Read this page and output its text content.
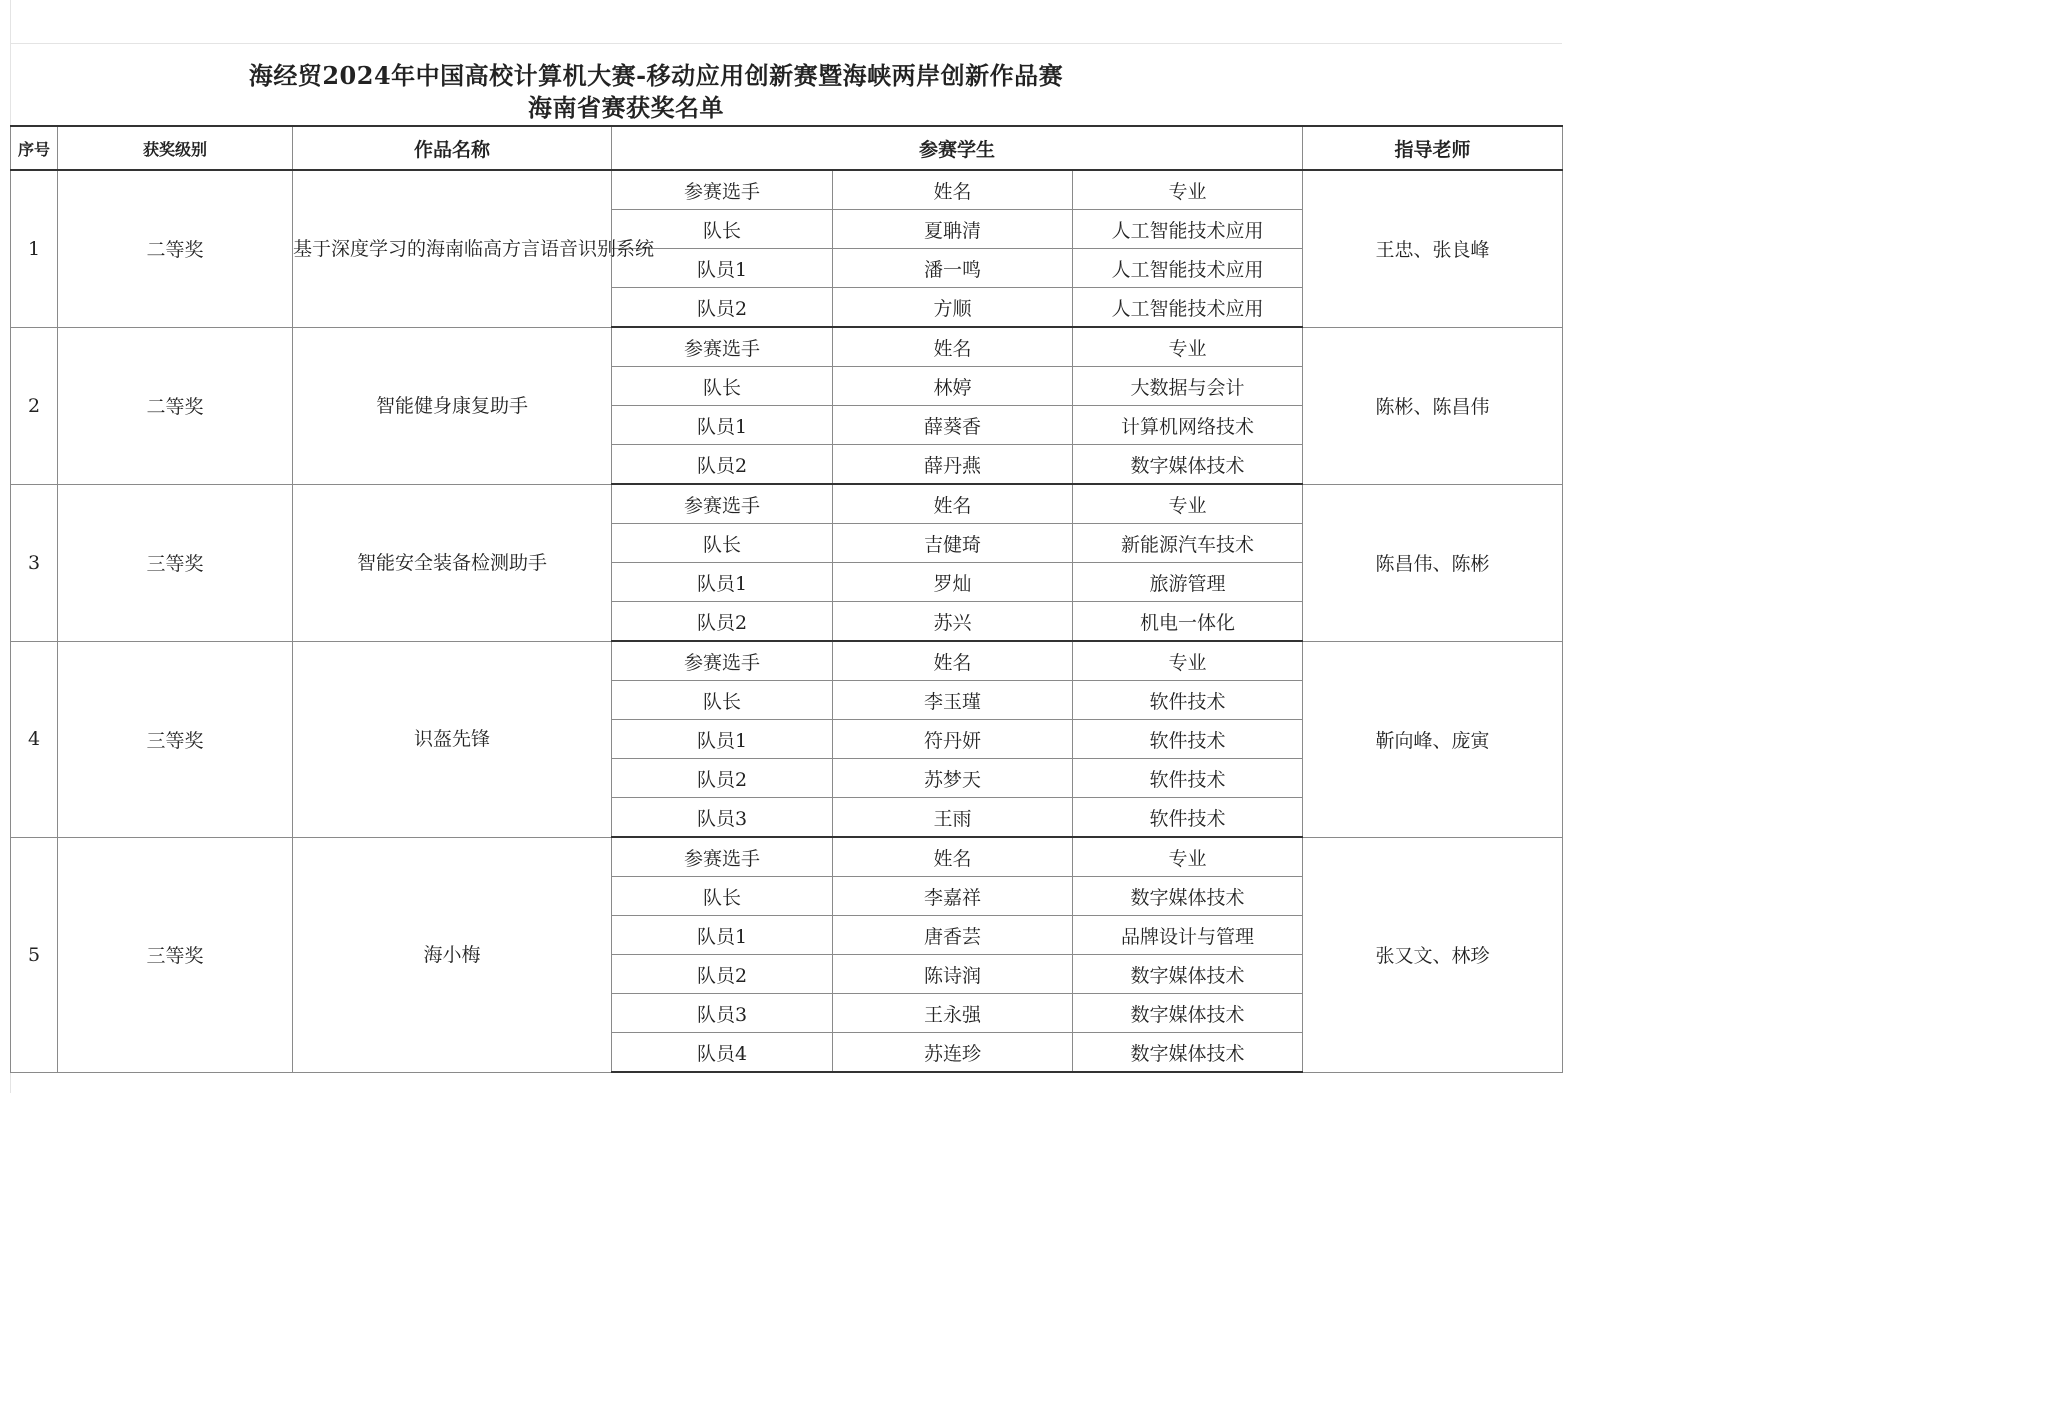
海经贸2024年中国高校计算机大赛-移动应用创新赛暨海峡两岸创新作品赛
海南省赛获奖名单
序号	获奖级别	作品名称	参赛学生			指导老师
1	二等奖	基于深度学习的海南临高方言语音识别系统	参赛选手	姓名	专业	王忠、张良峰
			队长	夏聃清	人工智能技术应用	
			队员1	潘一鸣	人工智能技术应用	
			队员2	方顺	人工智能技术应用	
2	二等奖	智能健身康复助手	参赛选手	姓名	专业	陈彬、陈昌伟
			队长	林婷	大数据与会计	
			队员1	薛葵香	计算机网络技术	
			队员2	薛丹燕	数字媒体技术	
3	三等奖	智能安全装备检测助手	参赛选手	姓名	专业	陈昌伟、陈彬
			队长	吉健琦	新能源汽车技术	
			队员1	罗灿	旅游管理	
			队员2	苏兴	机电一体化	
4	三等奖	识盔先锋	参赛选手	姓名	专业	靳向峰、庞寅
			队长	李玉瑾	软件技术	
			队员1	符丹妍	软件技术	
			队员2	苏梦天	软件技术	
			队员3	王雨	软件技术	
5	三等奖	海小梅	参赛选手	姓名	专业	张又文、林珍
			队长	李嘉祥	数字媒体技术	
			队员1	唐香芸	品牌设计与管理	
			队员2	陈诗润	数字媒体技术	
			队员3	王永强	数字媒体技术	
			队员4	苏连珍	数字媒体技术	
